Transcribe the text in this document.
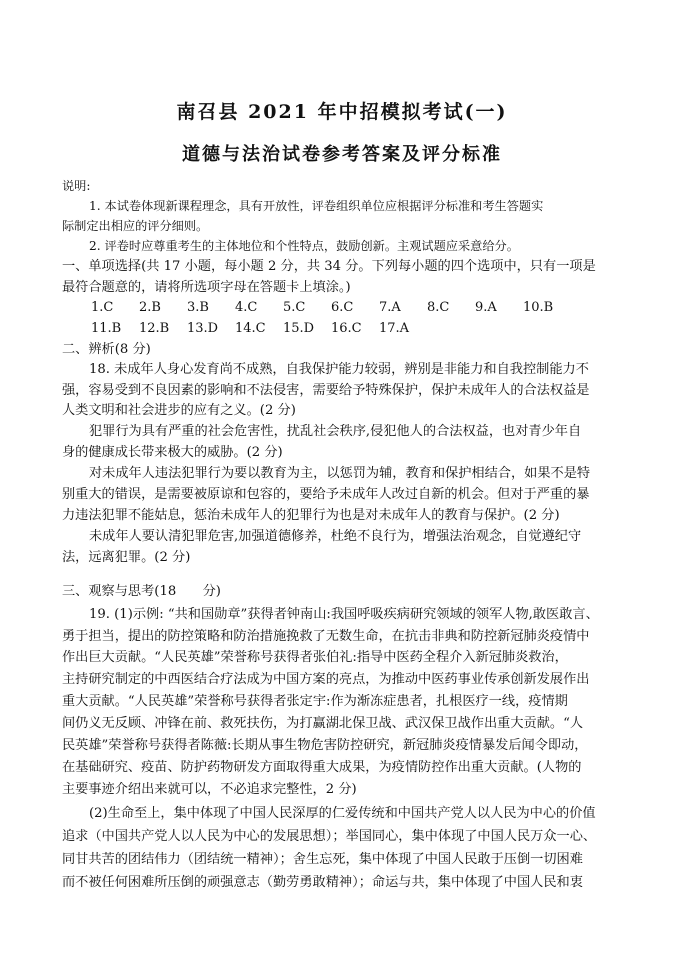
南召县 2021 年中招模拟考试(一)
道德与法治试卷参考答案及评分标准
说明:
1. 本试卷体现新课程理念，具有开放性，评卷组织单位应根据评分标准和考生答题实
际制定出相应的评分细则。
2. 评卷时应尊重考生的主体地位和个性特点，鼓励创新。主观试题应采意给分。
一、单项选择(共 17 小题，每小题 2 分，共 34 分。下列每小题的四个选项中，只有一项是
最符合题意的，请将所选项字母在答题卡上填涂。)
1.C 2.B 3.B 4.C 5.C 6.C 7.A 8.C 9.A 10.B
11.B 12.B 13.D 14.C 15.D 16.C 17.A
二、辨析(8 分)
18. 未成年人身心发育尚不成熟，自我保护能力较弱，辨别是非能力和自我控制能力不
强，容易受到不良因素的影响和不法侵害，需要给予特殊保护，保护未成年人的合法权益是
人类文明和社会进步的应有之义。(2 分)
犯罪行为具有严重的社会危害性，扰乱社会秩序,侵犯他人的合法权益，也对青少年自
身的健康成长带来极大的威胁。(2 分)
对未成年人违法犯罪行为要以教育为主，以惩罚为辅，教育和保护相结合，如果不是特
别重大的错误，是需要被原谅和包容的，要给予未成年人改过自新的机会。但对于严重的暴
力违法犯罪不能姑息，惩治未成年人的犯罪行为也是对未成年人的教育与保护。(2 分)
未成年人要认清犯罪危害,加强道德修养，杜绝不良行为，增强法治观念，自觉遵纪守
法，远离犯罪。(2 分)
三、观察与思考(18　　分)
19. (1)示例: “共和国勋章”获得者钟南山:我国呼吸疾病研究领域的领军人物,敢医敢言、
勇于担当，提出的防控策略和防治措施挽救了无数生命，在抗击非典和防控新冠肺炎疫情中
作出巨大贡献。“人民英雄”荣誉称号获得者张伯礼:指导中医药全程介入新冠肺炎救治，
主持研究制定的中西医结合疗法成为中国方案的亮点，为推动中医药事业传承创新发展作出
重大贡献。“人民英雄”荣誉称号获得者张定宇:作为渐冻症患者，扎根医疗一线，疫情期
间仍义无反顾、冲锋在前、救死扶伤，为打赢湖北保卫战、武汉保卫战作出重大贡献。“人
民英雄”荣誉称号获得者陈薇:长期从事生物危害防控研究，新冠肺炎疫情暴发后闻令即动，
在基础研究、疫苗、防护药物研发方面取得重大成果，为疫情防控作出重大贡献。(人物的
主要事迹介绍出来就可以，不必追求完整性，2 分)
(2)生命至上，集中体现了中国人民深厚的仁爱传统和中国共产党人以人民为中心的价值
追求（中国共产党人以人民为中心的发展思想）；举国同心，集中体现了中国人民万众一心、
同甘共苦的团结伟力（团结统一精神）；舍生忘死，集中体现了中国人民敢于压倒一切困难
而不被任何困难所压倒的顽强意志（勤劳勇敢精神）；命运与共，集中体现了中国人民和衷
